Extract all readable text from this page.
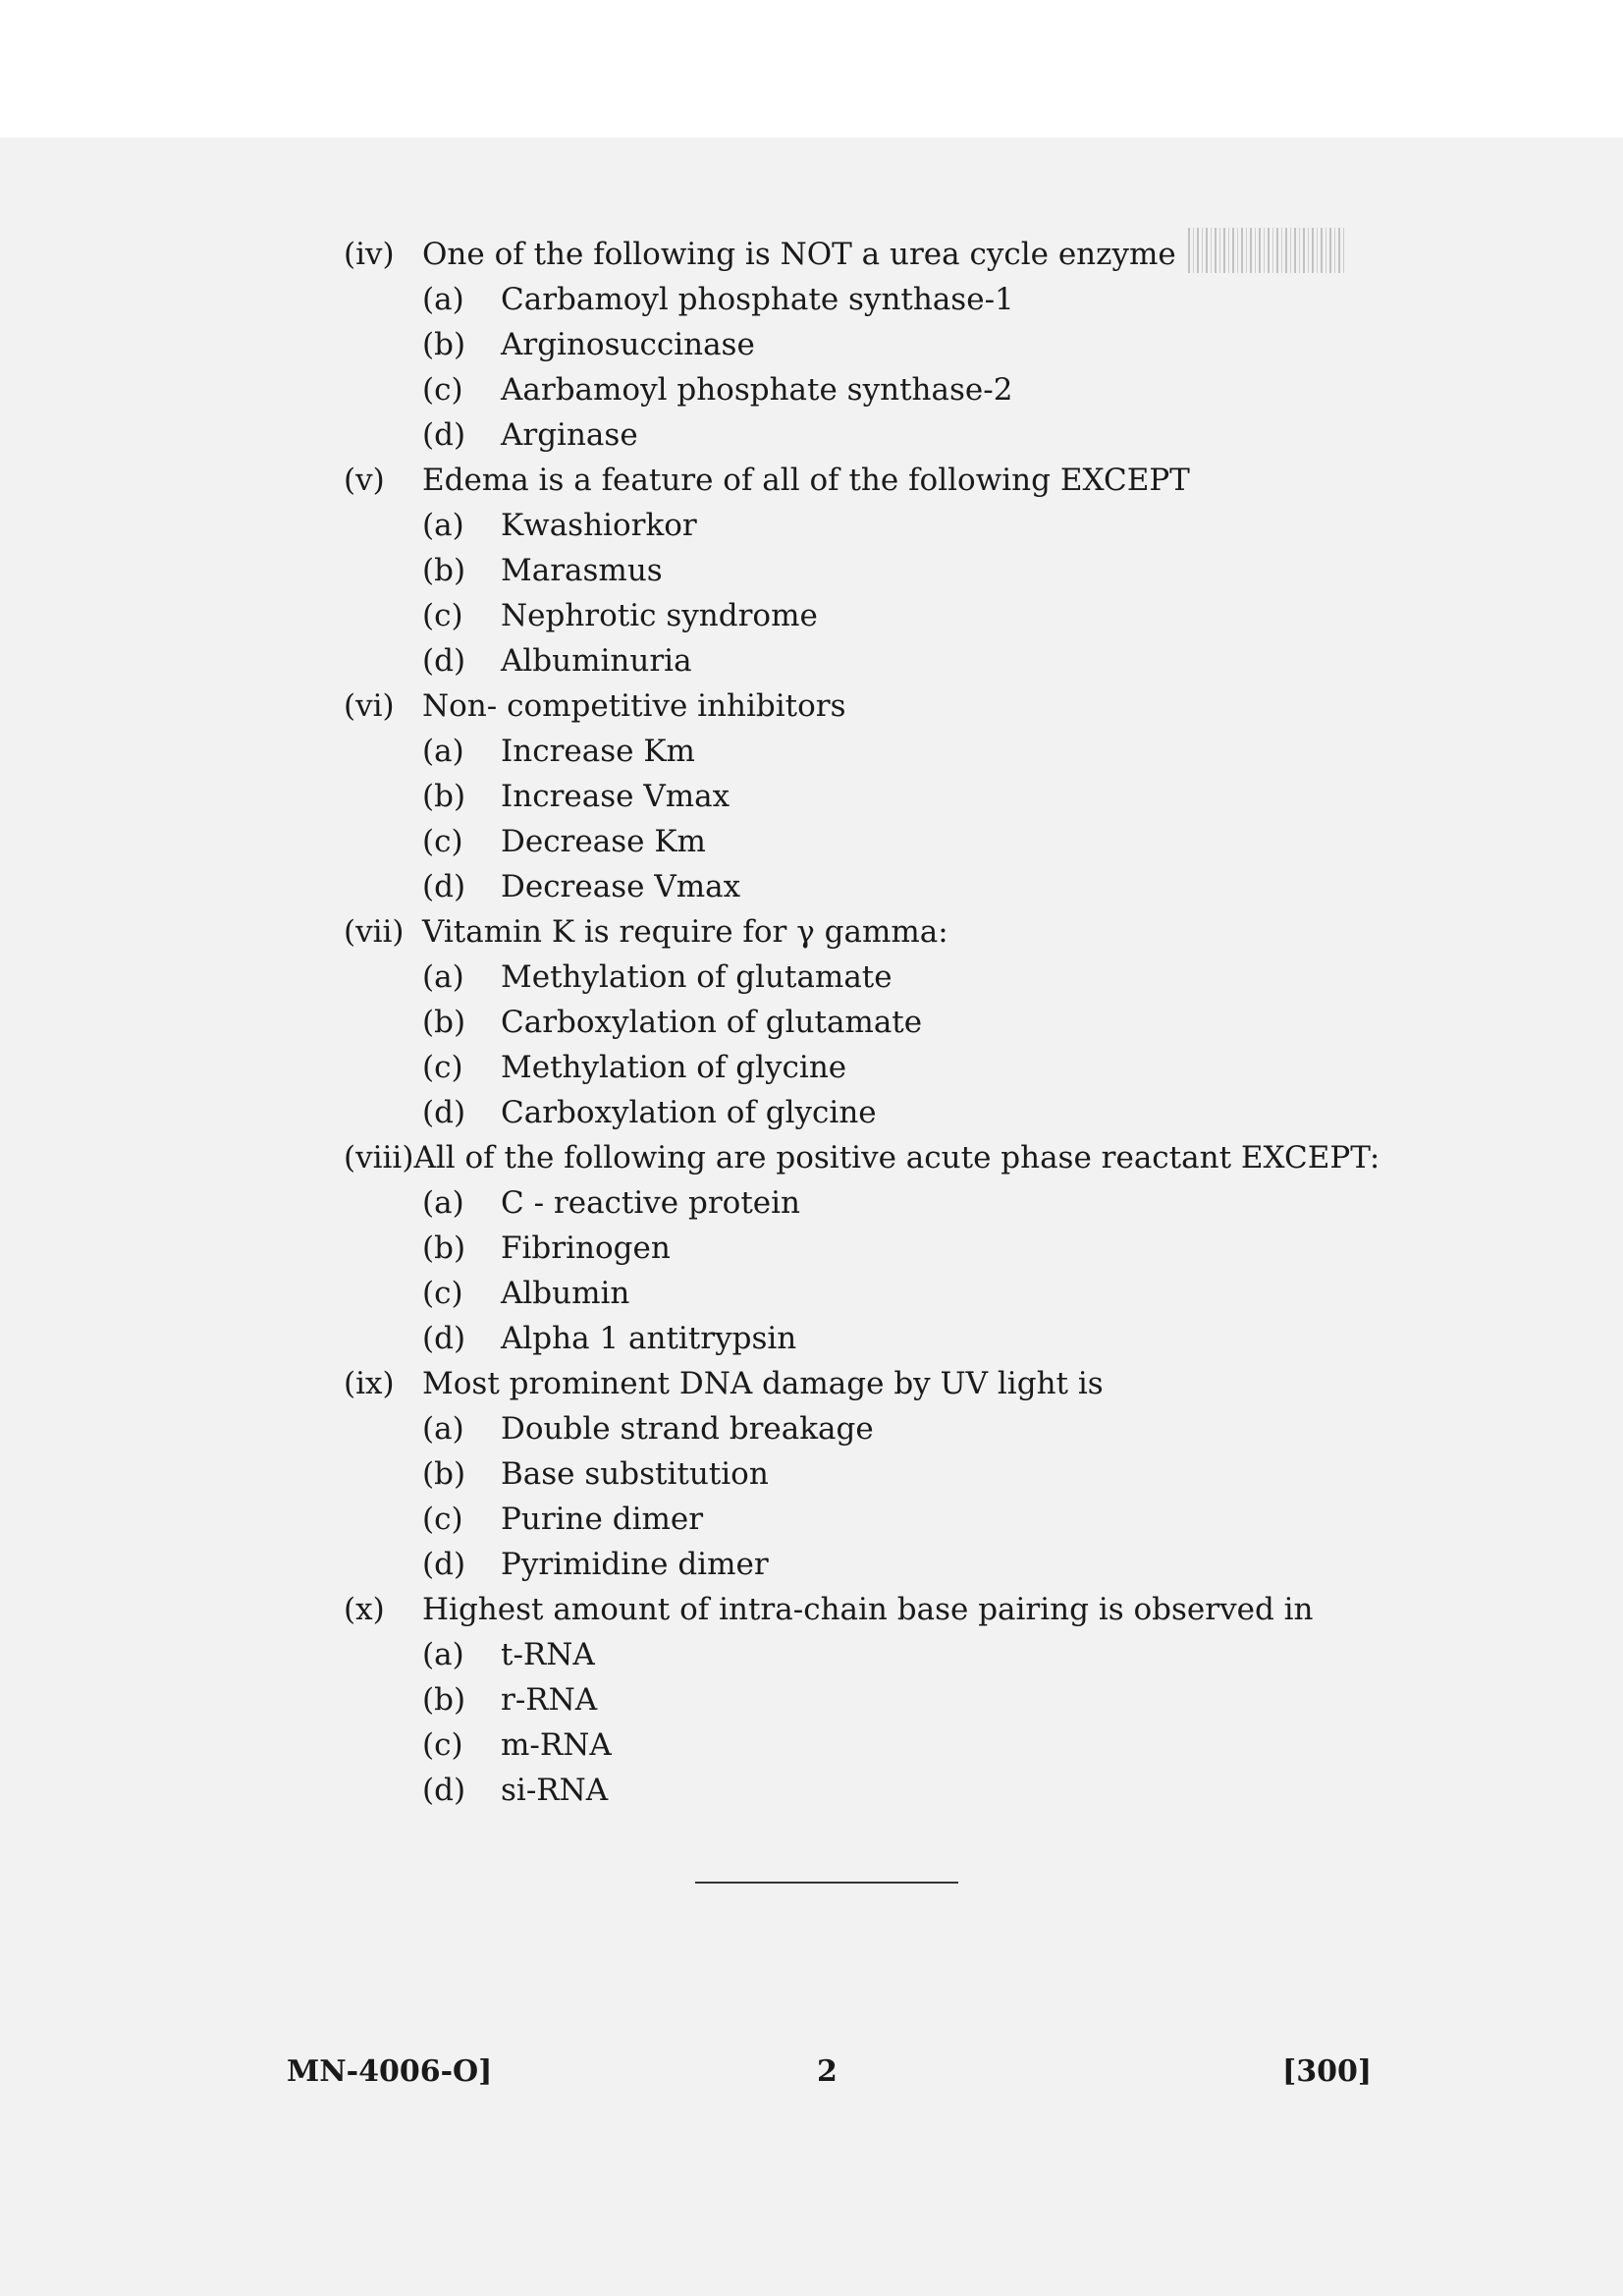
(iv) One of the following is NOT a urea cycle enzyme
(a)	Carbamoyl phosphate synthase-1
(b)	Arginosuccinase
(c)	Aarbamoyl phosphate synthase-2
(d)	Arginase
(v)	Edema is a feature of all of the following EXCEPT
(a)	Kwashiorkor
(b)	Marasmus
(c)	Nephrotic syndrome
(d)	Albuminuria
(vi) Non- competitive inhibitors
(a)	Increase Km
(b)	Increase Vmax
(c)	Decrease Km
(d)	Decrease Vmax
(vii) Vitamin K is require for γ gamma:
(a)	Methylation of glutamate
(b)	Carboxylation of glutamate
(c)	Methylation of glycine
(d)	Carboxylation of glycine
(viii) All of the following are positive acute phase reactant EXCEPT:
(a)	C - reactive protein
(b)	Fibrinogen
(c)	Albumin
(d)	Alpha 1 antitrypsin
(ix) Most prominent DNA damage by UV light is
(a)	Double strand breakage
(b)	Base substitution
(c)	Purine dimer
(d)	Pyrimidine dimer
(x)	Highest amount of intra-chain base pairing is observed in
(a)	t-RNA
(b)	r-RNA
(c)	m-RNA
(d)	si-RNA
MN-4006-O]	2	[300]
